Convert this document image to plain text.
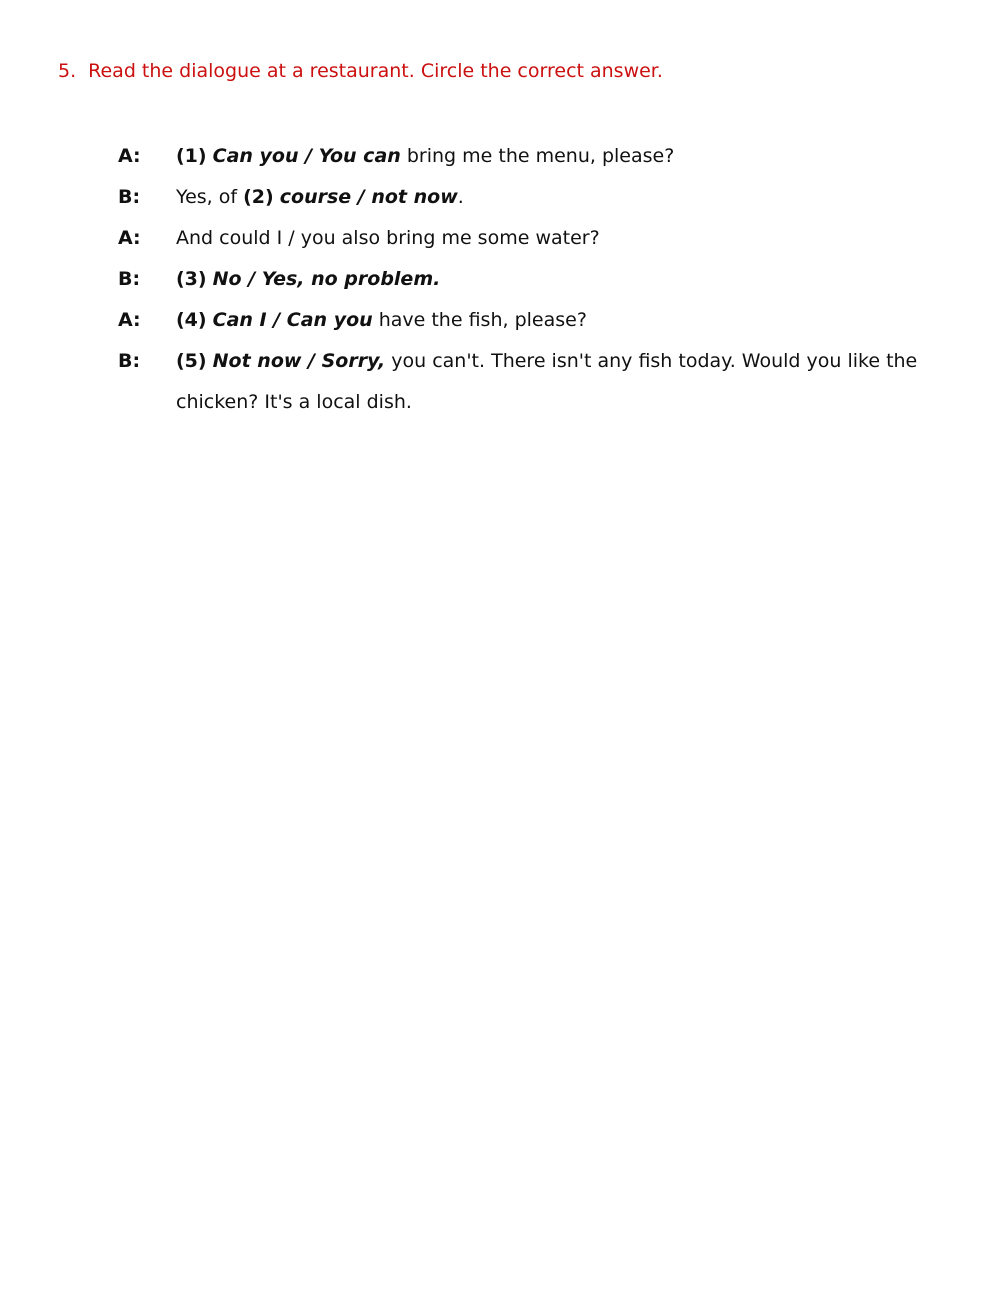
5. Read the dialogue at a restaurant. Circle the correct answer.
A:	(1) Can you / You can bring me the menu, please?
B:	Yes, of (2) course / not now.
A:	And could I / you also bring me some water?
B:	(3) No / Yes, no problem.
A:	(4) Can I / Can you have the fish, please?
B:	(5) Not now / Sorry, you can't. There isn't any fish today. Would you like the
chicken? It's a local dish.
